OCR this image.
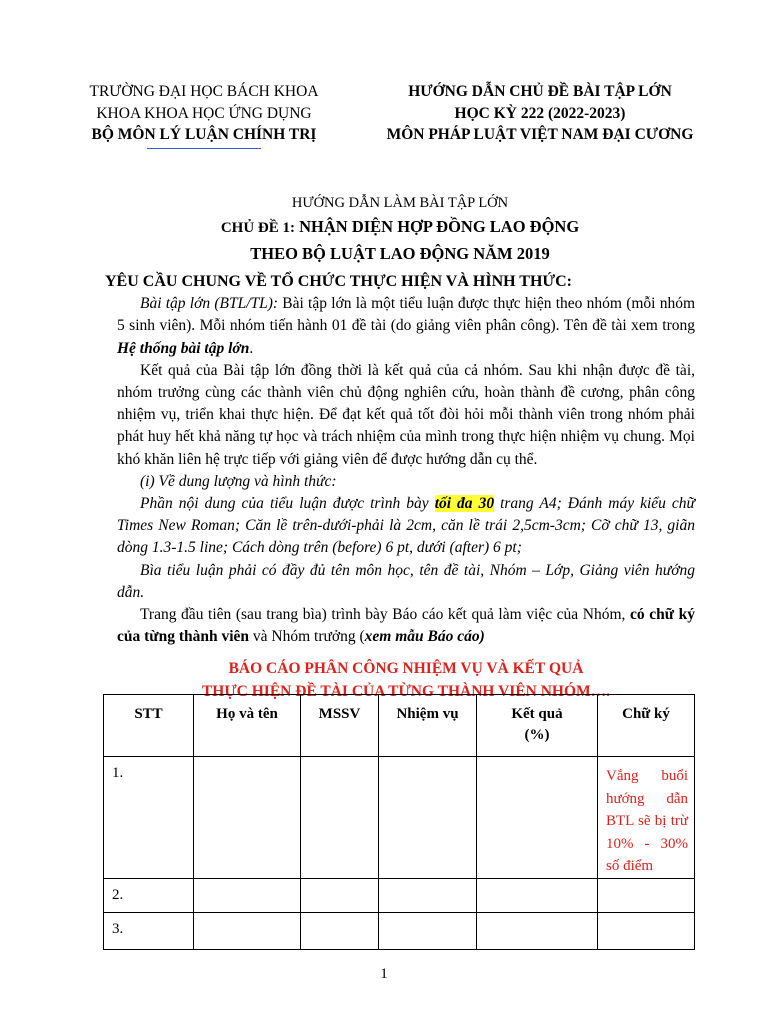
TRƯỜNG ĐẠI HỌC BÁCH KHOA
KHOA KHOA HỌC ỨNG DỤNG
BỘ MÔN LÝ LUẬN CHÍNH TRỊ
HƯỚNG DẪN CHỦ ĐỀ BÀI TẬP LỚN
HỌC KỲ 222 (2022-2023)
MÔN PHÁP LUẬT VIỆT NAM ĐẠI CƯƠNG
HƯỚNG DẪN LÀM BÀI TẬP LỚN
CHỦ ĐỀ 1: NHẬN DIỆN HỢP ĐỒNG LAO ĐỘNG
THEO BỘ LUẬT LAO ĐỘNG NĂM 2019

YÊU CẦU CHUNG VỀ TỔ CHỨC THỰC HIỆN VÀ HÌNH THỨC:

Bài tập lớn (BTL/TL): Bài tập lớn là một tiểu luận được thực hiện theo nhóm (mỗi nhóm 5 sinh viên). Mỗi nhóm tiến hành 01 đề tài (do giảng viên phân công). Tên đề tài xem trong Hệ thống bài tập lớn.

Kết quả của Bài tập lớn đồng thời là kết quả của cả nhóm. Sau khi nhận được đề tài, nhóm trưởng cùng các thành viên chủ động nghiên cứu, hoàn thành đề cương, phân công nhiệm vụ, triển khai thực hiện. Để đạt kết quả tốt đòi hỏi mỗi thành viên trong nhóm phải phát huy hết khả năng tự học và trách nhiệm của mình trong thực hiện nhiệm vụ chung. Mọi khó khăn liên hệ trực tiếp với giảng viên để được hướng dẫn cụ thể.

(i) Về dung lượng và hình thức:

Phần nội dung của tiểu luận được trình bày tối đa 30 trang A4; Đánh máy kiểu chữ Times New Roman; Căn lề trên-dưới-phải là 2cm, căn lề trái 2,5cm-3cm; Cỡ chữ 13, giãn dòng 1.3-1.5 line; Cách dòng trên (before) 6 pt, dưới (after) 6 pt;

Bìa tiểu luận phải có đầy đủ tên môn học, tên đề tài, Nhóm – Lớp, Giảng viên hướng dẫn.

Trang đầu tiên (sau trang bìa) trình bày Báo cáo kết quả làm việc của Nhóm, có chữ ký của từng thành viên và Nhóm trưởng (xem mẫu Báo cáo)

BÁO CÁO PHÂN CÔNG NHIỆM VỤ VÀ KẾT QUẢ
THỰC HIỆN ĐỀ TÀI CỦA TỪNG THÀNH VIÊN NHÓM….

STT	Họ và tên	MSSV	Nhiệm vụ	Kết quả (%)	Chữ ký
1.					Vắng buổi hướng dẫn BTL sẽ bị trừ 10% - 30% số điểm
2.					
3.					
1
